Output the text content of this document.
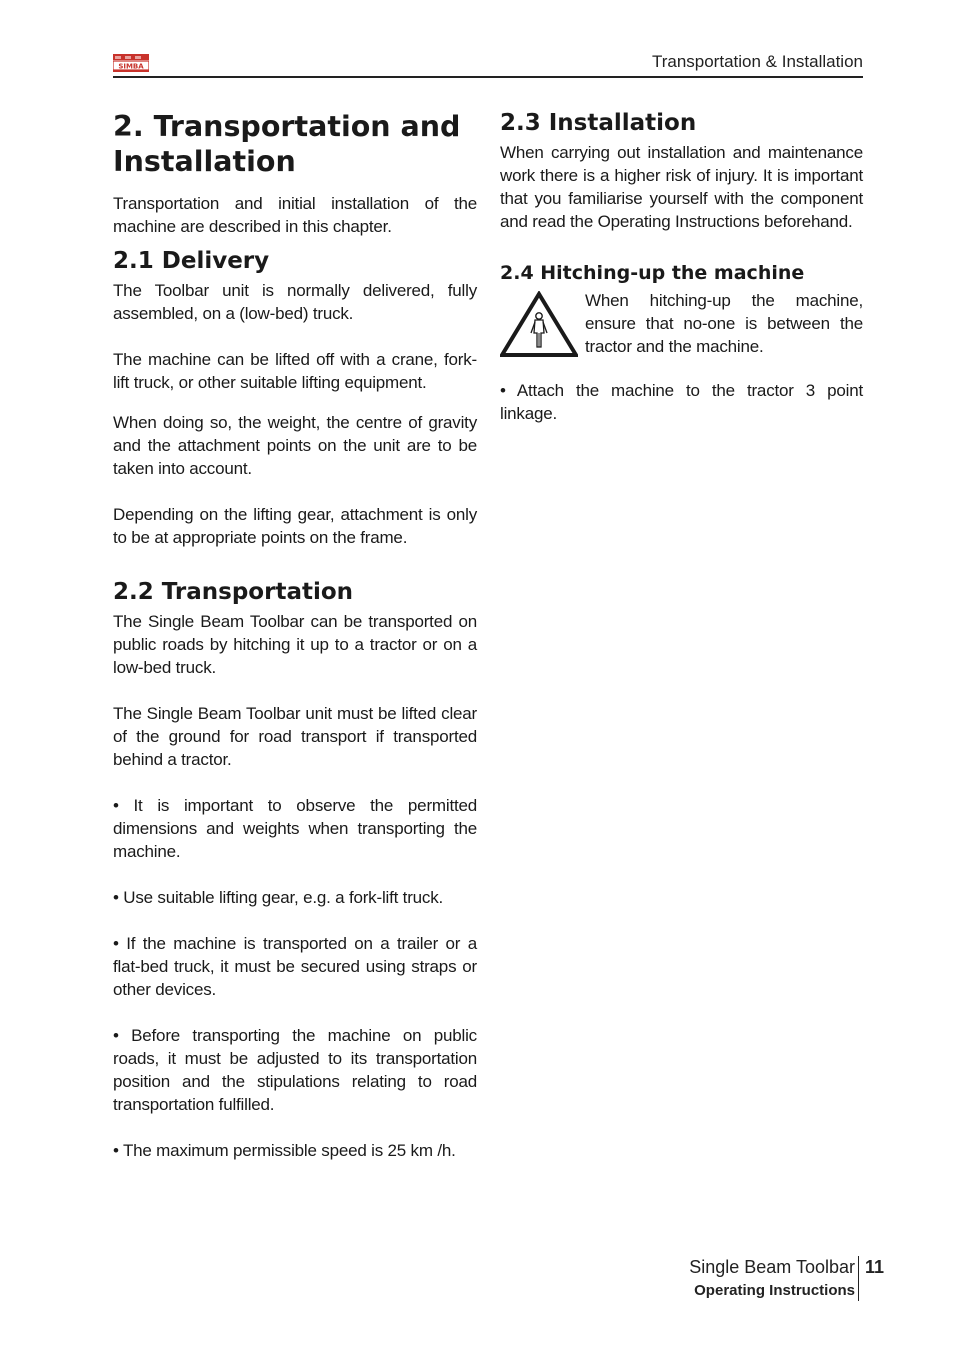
SIMBA	Transportation & Installation
2. Transportation and Installation

Transportation and initial installation of the machine are described in this chapter.

2.1 Delivery

The Toolbar unit is normally delivered, fully assembled, on a (low-bed) truck.

The machine can be lifted off with a crane, fork-lift truck, or other suitable lifting equipment.

When doing so, the weight, the centre of gravity and the attachment points on the unit are to be taken into account.

Depending on the lifting gear, attachment is only to be at appropriate points on the frame.

2.2 Transportation

The Single Beam Toolbar can be transported on public roads by hitching it up to a tractor or on a low-bed truck.

The Single Beam Toolbar unit must be lifted clear of the ground for road transport if transported behind a tractor.

• It is important to observe the permitted dimensions and weights when transporting the machine.

• Use suitable lifting gear, e.g. a fork-lift truck.

• If the machine is transported on a trailer or a flat-bed truck, it must be secured using straps or other devices.

• Before transporting the machine on public roads, it must be adjusted to its transportation position and the stipulations relating to road transportation fulfilled.

• The maximum permissible speed is 25 km /h.

2.3 Installation

When carrying out installation and maintenance work there is a higher risk of injury. It is important that you familiarise yourself with the component and read the Operating Instructions beforehand.

2.4 Hitching-up the machine

When hitching-up the machine, ensure that no-one is between the tractor and the machine.

• Attach the machine to the tractor 3 point linkage.

Single Beam Toolbar
Operating Instructions
11
